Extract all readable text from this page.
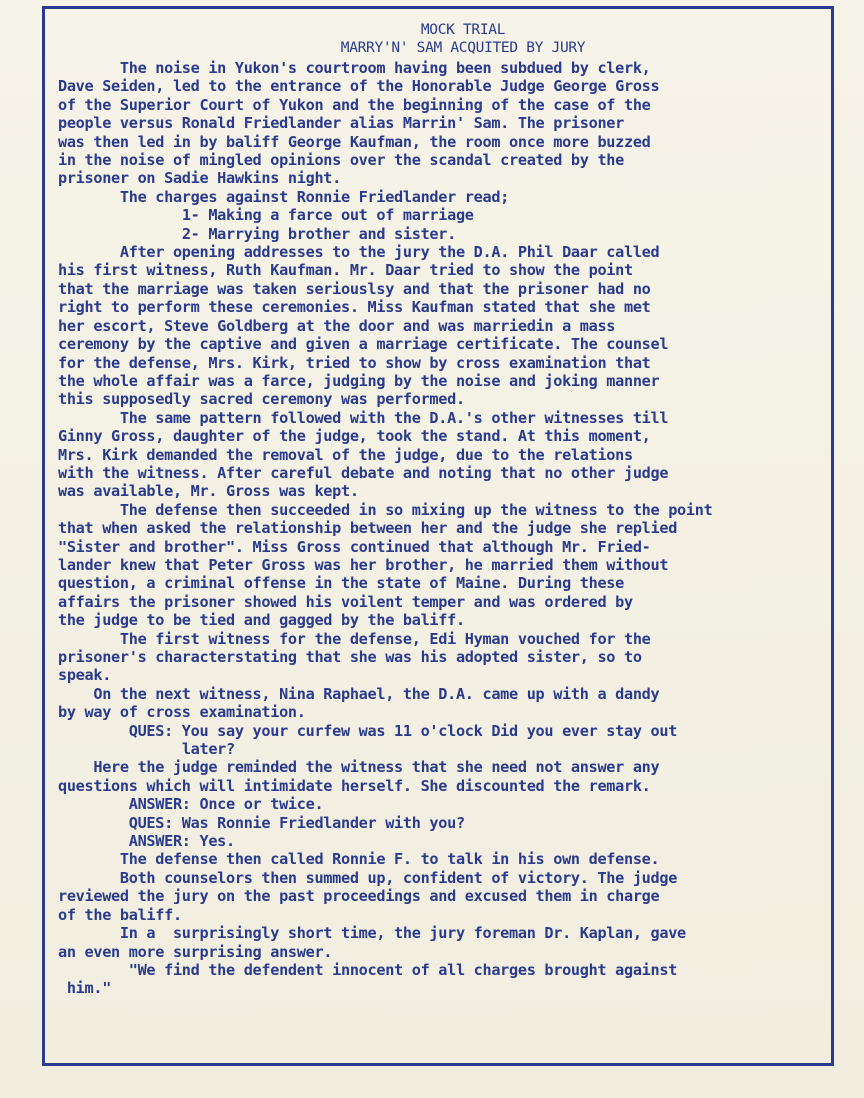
MOCK TRIAL
MARRY'N' SAM ACQUITED BY JURY
The noise in Yukon's courtroom having been subdued by clerk,
Dave Seiden, led to the entrance of the Honorable Judge George Gross
of the Superior Court of Yukon and the beginning of the case of the
people versus Ronald Friedlander alias Marrin' Sam. The prisoner
was then led in by baliff George Kaufman, the room once more buzzed
in the noise of mingled opinions over the scandal created by the
prisoner on Sadie Hawkins night.
The charges against Ronnie Friedlander read;
1- Making a farce out of marriage
2- Marrying brother and sister.
After opening addresses to the jury the D.A. Phil Daar called
his first witness, Ruth Kaufman. Mr. Daar tried to show the point
that the marriage was taken seriouslsy and that the prisoner had no
right to perform these ceremonies. Miss Kaufman stated that she met
her escort, Steve Goldberg at the door and was marriedin a mass
ceremony by the captive and given a marriage certificate. The counsel
for the defense, Mrs. Kirk, tried to show by cross examination that
the whole affair was a farce, judging by the noise and joking manner
this supposedly sacred ceremony was performed.
The same pattern followed with the D.A.'s other witnesses till
Ginny Gross, daughter of the judge, took the stand. At this moment,
Mrs. Kirk demanded the removal of the judge, due to the relations
with the witness. After careful debate and noting that no other judge
was available, Mr. Gross was kept.
The defense then succeeded in so mixing up the witness to the point
that when asked the relationship between her and the judge she replied
"Sister and brother". Miss Gross continued that although Mr. Fried-
lander knew that Peter Gross was her brother, he married them without
question, a criminal offense in the state of Maine. During these
affairs the prisoner showed his voilent temper and was ordered by
the judge to be tied and gagged by the baliff.
The first witness for the defense, Edi Hyman vouched for the
prisoner's characterstating that she was his adopted sister, so to
speak.
On the next witness, Nina Raphael, the D.A. came up with a dandy
by way of cross examination.
QUES: You say your curfew was 11 o'clock Did you ever stay out
later?
Here the judge reminded the witness that she need not answer any
questions which will intimidate herself. She discounted the remark.
ANSWER: Once or twice.
QUES: Was Ronnie Friedlander with you?
ANSWER: Yes.
The defense then called Ronnie F. to talk in his own defense.
Both counselors then summed up, confident of victory. The judge
reviewed the jury on the past proceedings and excused them in charge
of the baliff.
In a  surprisingly short time, the jury foreman Dr. Kaplan, gave
an even more surprising answer.
"We find the defendent innocent of all charges brought against
him."
